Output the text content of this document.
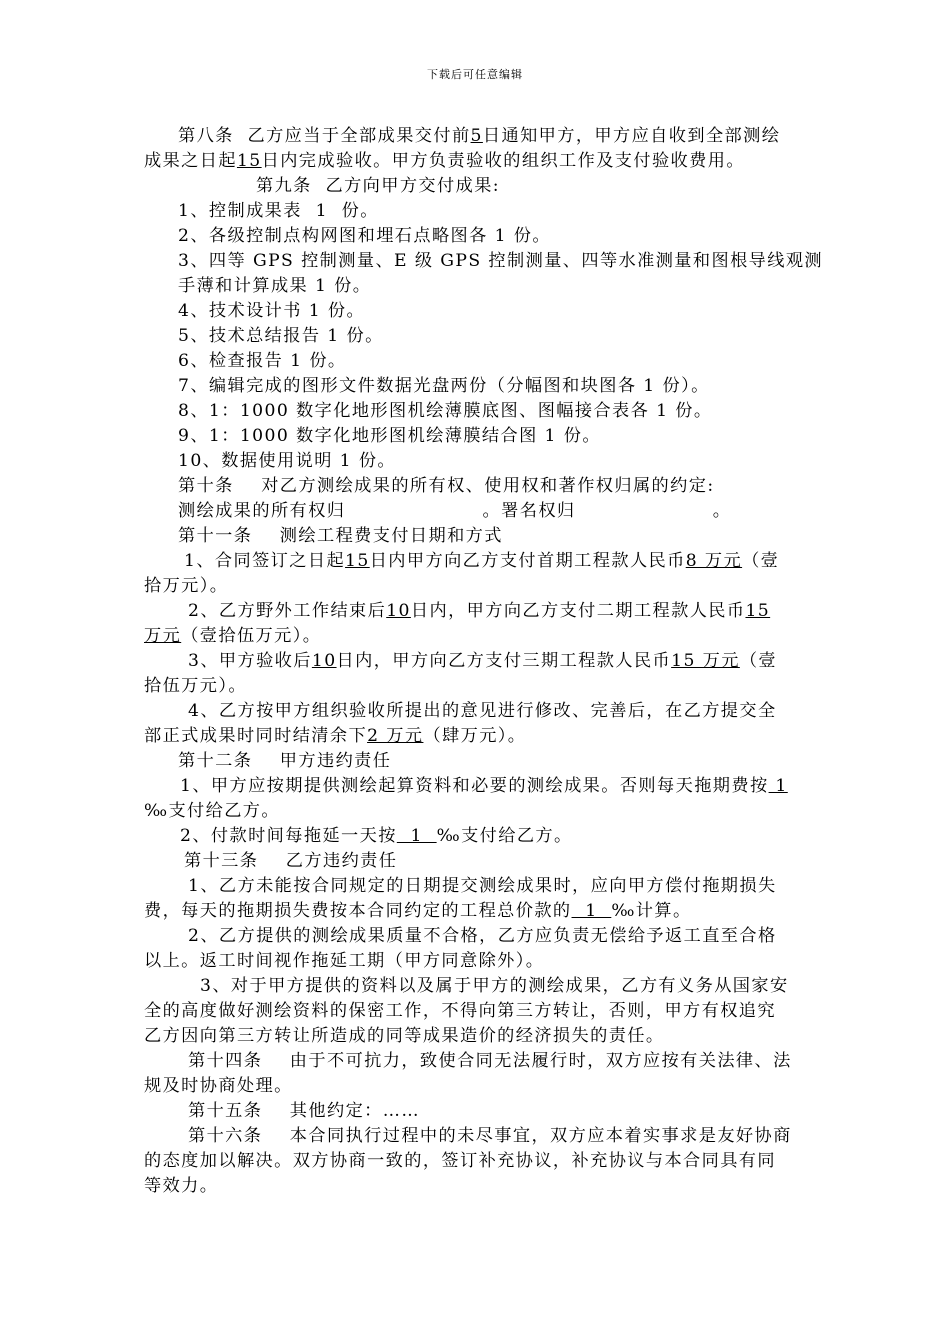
下载后可任意编辑
第八条  乙方应当于全部成果交付前5日通知甲方，甲方应自收到全部测绘
成果之日起15日内完成验收。甲方负责验收的组织工作及支付验收费用。
第九条  乙方向甲方交付成果:
1、控制成果表  1  份。
2、各级控制点构网图和埋石点略图各 1 份。
3、四等 GPS 控制测量、E 级 GPS 控制测量、四等水准测量和图根导线观测
手薄和计算成果 1 份。
4、技术设计书 1 份。
5、技术总结报告 1 份。
6、检查报告 1 份。
7、编辑完成的图形文件数据光盘两份（分幅图和块图各 1 份）。
8、1：1000 数字化地形图机绘薄膜底图、图幅接合表各 1 份。
9、1：1000 数字化地形图机绘薄膜结合图 1 份。
10、数据使用说明 1 份。
第十条    对乙方测绘成果的所有权、使用权和著作权归属的约定:
测绘成果的所有权归                    。署名权归                    。
第十一条    测绘工程费支付日期和方式
1、合同签订之日起15日内甲方向乙方支付首期工程款人民币8 万元（壹
拾万元）。
2、乙方野外工作结束后10日内，甲方向乙方支付二期工程款人民币15
万元（壹拾伍万元）。
3、甲方验收后10日内，甲方向乙方支付三期工程款人民币15 万元（壹
拾伍万元）。
4、乙方按甲方组织验收所提出的意见进行修改、完善后，在乙方提交全
部正式成果时同时结清余下2 万元（肆万元）。
第十二条    甲方违约责任
1、甲方应按期提供测绘起算资料和必要的测绘成果。否则每天拖期费按 1
‰支付给乙方。
2、付款时间每拖延一天按  1  ‰支付给乙方。
第十三条    乙方违约责任
1、乙方未能按合同规定的日期提交测绘成果时，应向甲方偿付拖期损失
费，每天的拖期损失费按本合同约定的工程总价款的  1  ‰计算。
2、乙方提供的测绘成果质量不合格，乙方应负责无偿给予返工直至合格
以上。返工时间视作拖延工期（甲方同意除外）。
3、对于甲方提供的资料以及属于甲方的测绘成果，乙方有义务从国家安
全的高度做好测绘资料的保密工作，不得向第三方转让，否则，甲方有权追究
乙方因向第三方转让所造成的同等成果造价的经济损失的责任。
第十四条    由于不可抗力，致使合同无法履行时，双方应按有关法律、法
规及时协商处理。
第十五条    其他约定：……
第十六条    本合同执行过程中的未尽事宜，双方应本着实事求是友好协商
的态度加以解决。双方协商一致的，签订补充协议，补充协议与本合同具有同
等效力。
